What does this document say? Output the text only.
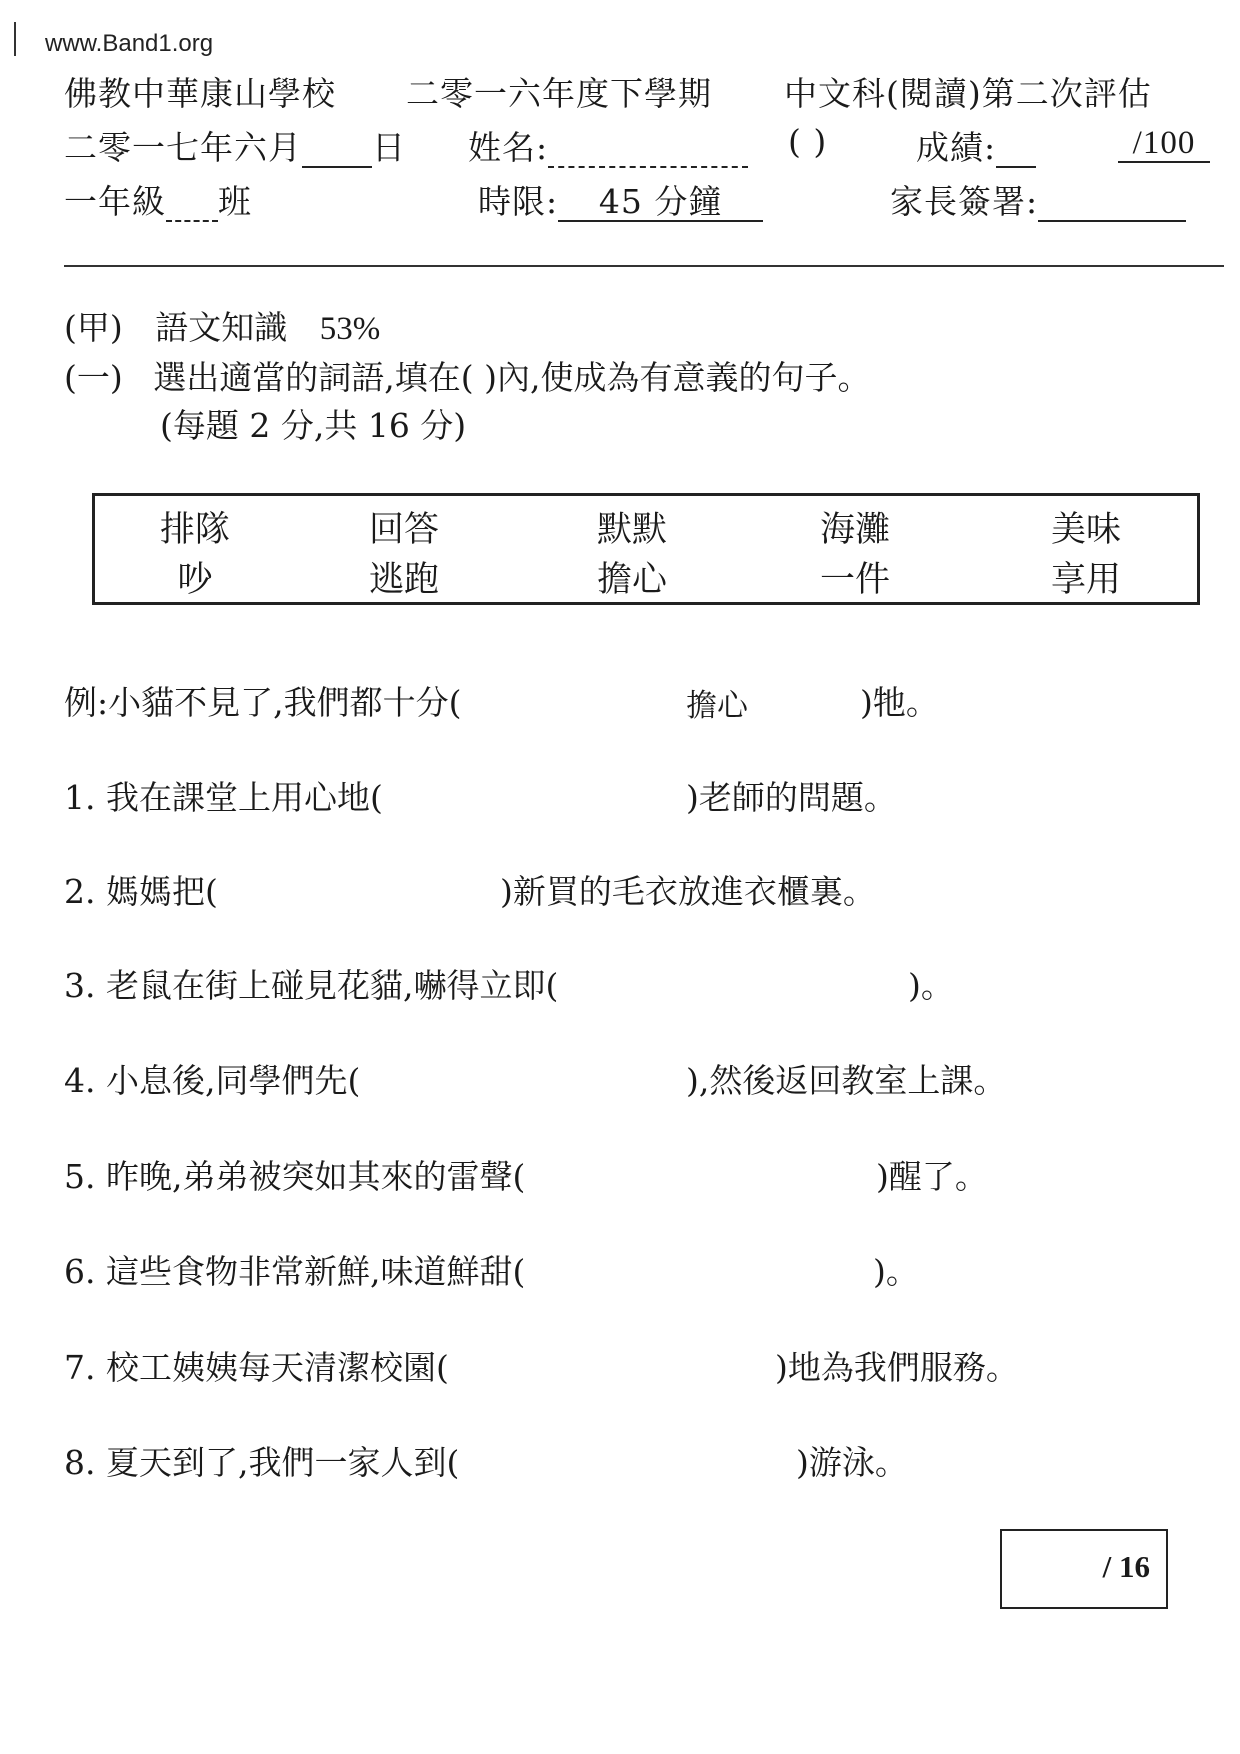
www.Band1.org
佛教中華康山學校 二零一六年度下學期 中文科(閱讀)第二次評估
二零一七年六月 日 姓名:	( )	成績:	/100
一年級 班	時限: 45 分鐘	家長簽署:
(甲) 語文知識 53%
(一) 選出適當的詞語,填在( )內,使成為有意義的句子。
(每題 2 分,共 16 分)
排隊	回答	默默	海灘	美味
吵	逃跑	擔心	一件	享用
例:小貓不見了,我們都十分(	擔心	)牠。
1. 我在課堂上用心地(	)老師的問題。
2. 媽媽把(	)新買的毛衣放進衣櫃裏。
3. 老鼠在街上碰見花貓,嚇得立即(	)。
4. 小息後,同學們先(	),然後返回教室上課。
5. 昨晚,弟弟被突如其來的雷聲(	)醒了。
6. 這些食物非常新鮮,味道鮮甜(	)。
7. 校工姨姨每天清潔校園(	)地為我們服務。
8. 夏天到了,我們一家人到(	)游泳。
/ 16
